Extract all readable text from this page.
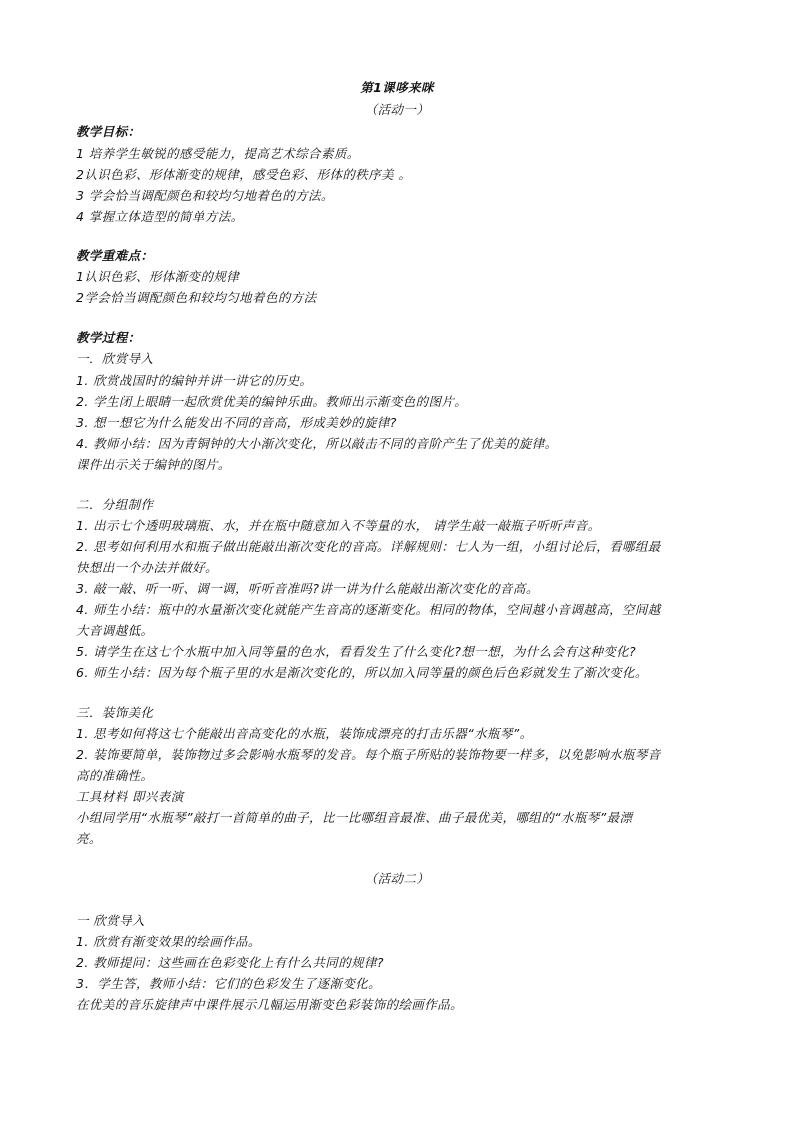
第1课哆来咪
（活动一）
教学目标：
1 培养学生敏锐的感受能力，提高艺术综合素质。
2认识色彩、形体渐变的规律，感受色彩、形体的秩序美 。
3 学会恰当调配颜色和较均匀地着色的方法。
4 掌握立体造型的简单方法。
教学重难点：
1认识色彩、形体渐变的规律
2学会恰当调配颜色和较均匀地着色的方法
教学过程：
一．欣赏导入
1. 欣赏战国时的编钟并讲一讲它的历史。
2. 学生闭上眼睛一起欣赏优美的编钟乐曲。教师出示渐变色的图片。
3. 想一想它为什么能发出不同的音高，形成美妙的旋律?
4. 教师小结：因为青铜钟的大小渐次变化，所以敲击不同的音阶产生了优美的旋律。
课件出示关于编钟的图片。
二．分组制作
1. 出示七个透明玻璃瓶、水，并在瓶中随意加入不等量的水， 请学生敲一敲瓶子听听声音。
2. 思考如何利用水和瓶子做出能敲出渐次变化的音高。详解规则：七人为一组，小组讨论后，看哪组最
快想出一个办法并做好。
3. 敲一敲、听一听、调一调，听听音准吗?讲一讲为什么能敲出渐次变化的音高。
4. 师生小结：瓶中的水量渐次变化就能产生音高的逐渐变化。相同的物体，空间越小音调越高，空间越
大音调越低。
5. 请学生在这七个水瓶中加入同等量的色水，看看发生了什么变化?想一想，为什么会有这种变化?
6. 师生小结：因为每个瓶子里的水是渐次变化的，所以加入同等量的颜色后色彩就发生了渐次变化。
三．装饰美化
1. 思考如何将这七个能敲出音高变化的水瓶，装饰成漂亮的打击乐器“水瓶琴”。
2. 装饰要简单，装饰物过多会影响水瓶琴的发音。每个瓶子所贴的装饰物要一样多，以免影响水瓶琴音
高的准确性。
工具材料 即兴表演
小组同学用“水瓶琴”敲打一首简单的曲子，比一比哪组音最准、曲子最优美，哪组的“水瓶琴”最漂
亮。
（活动二）
一 欣赏导入
1. 欣赏有渐变效果的绘画作品。
2. 教师提问：这些画在色彩变化上有什么共同的规律?
3．学生答，教师小结：它们的色彩发生了逐渐变化。
在优美的音乐旋律声中课件展示几幅运用渐变色彩装饰的绘画作品。
